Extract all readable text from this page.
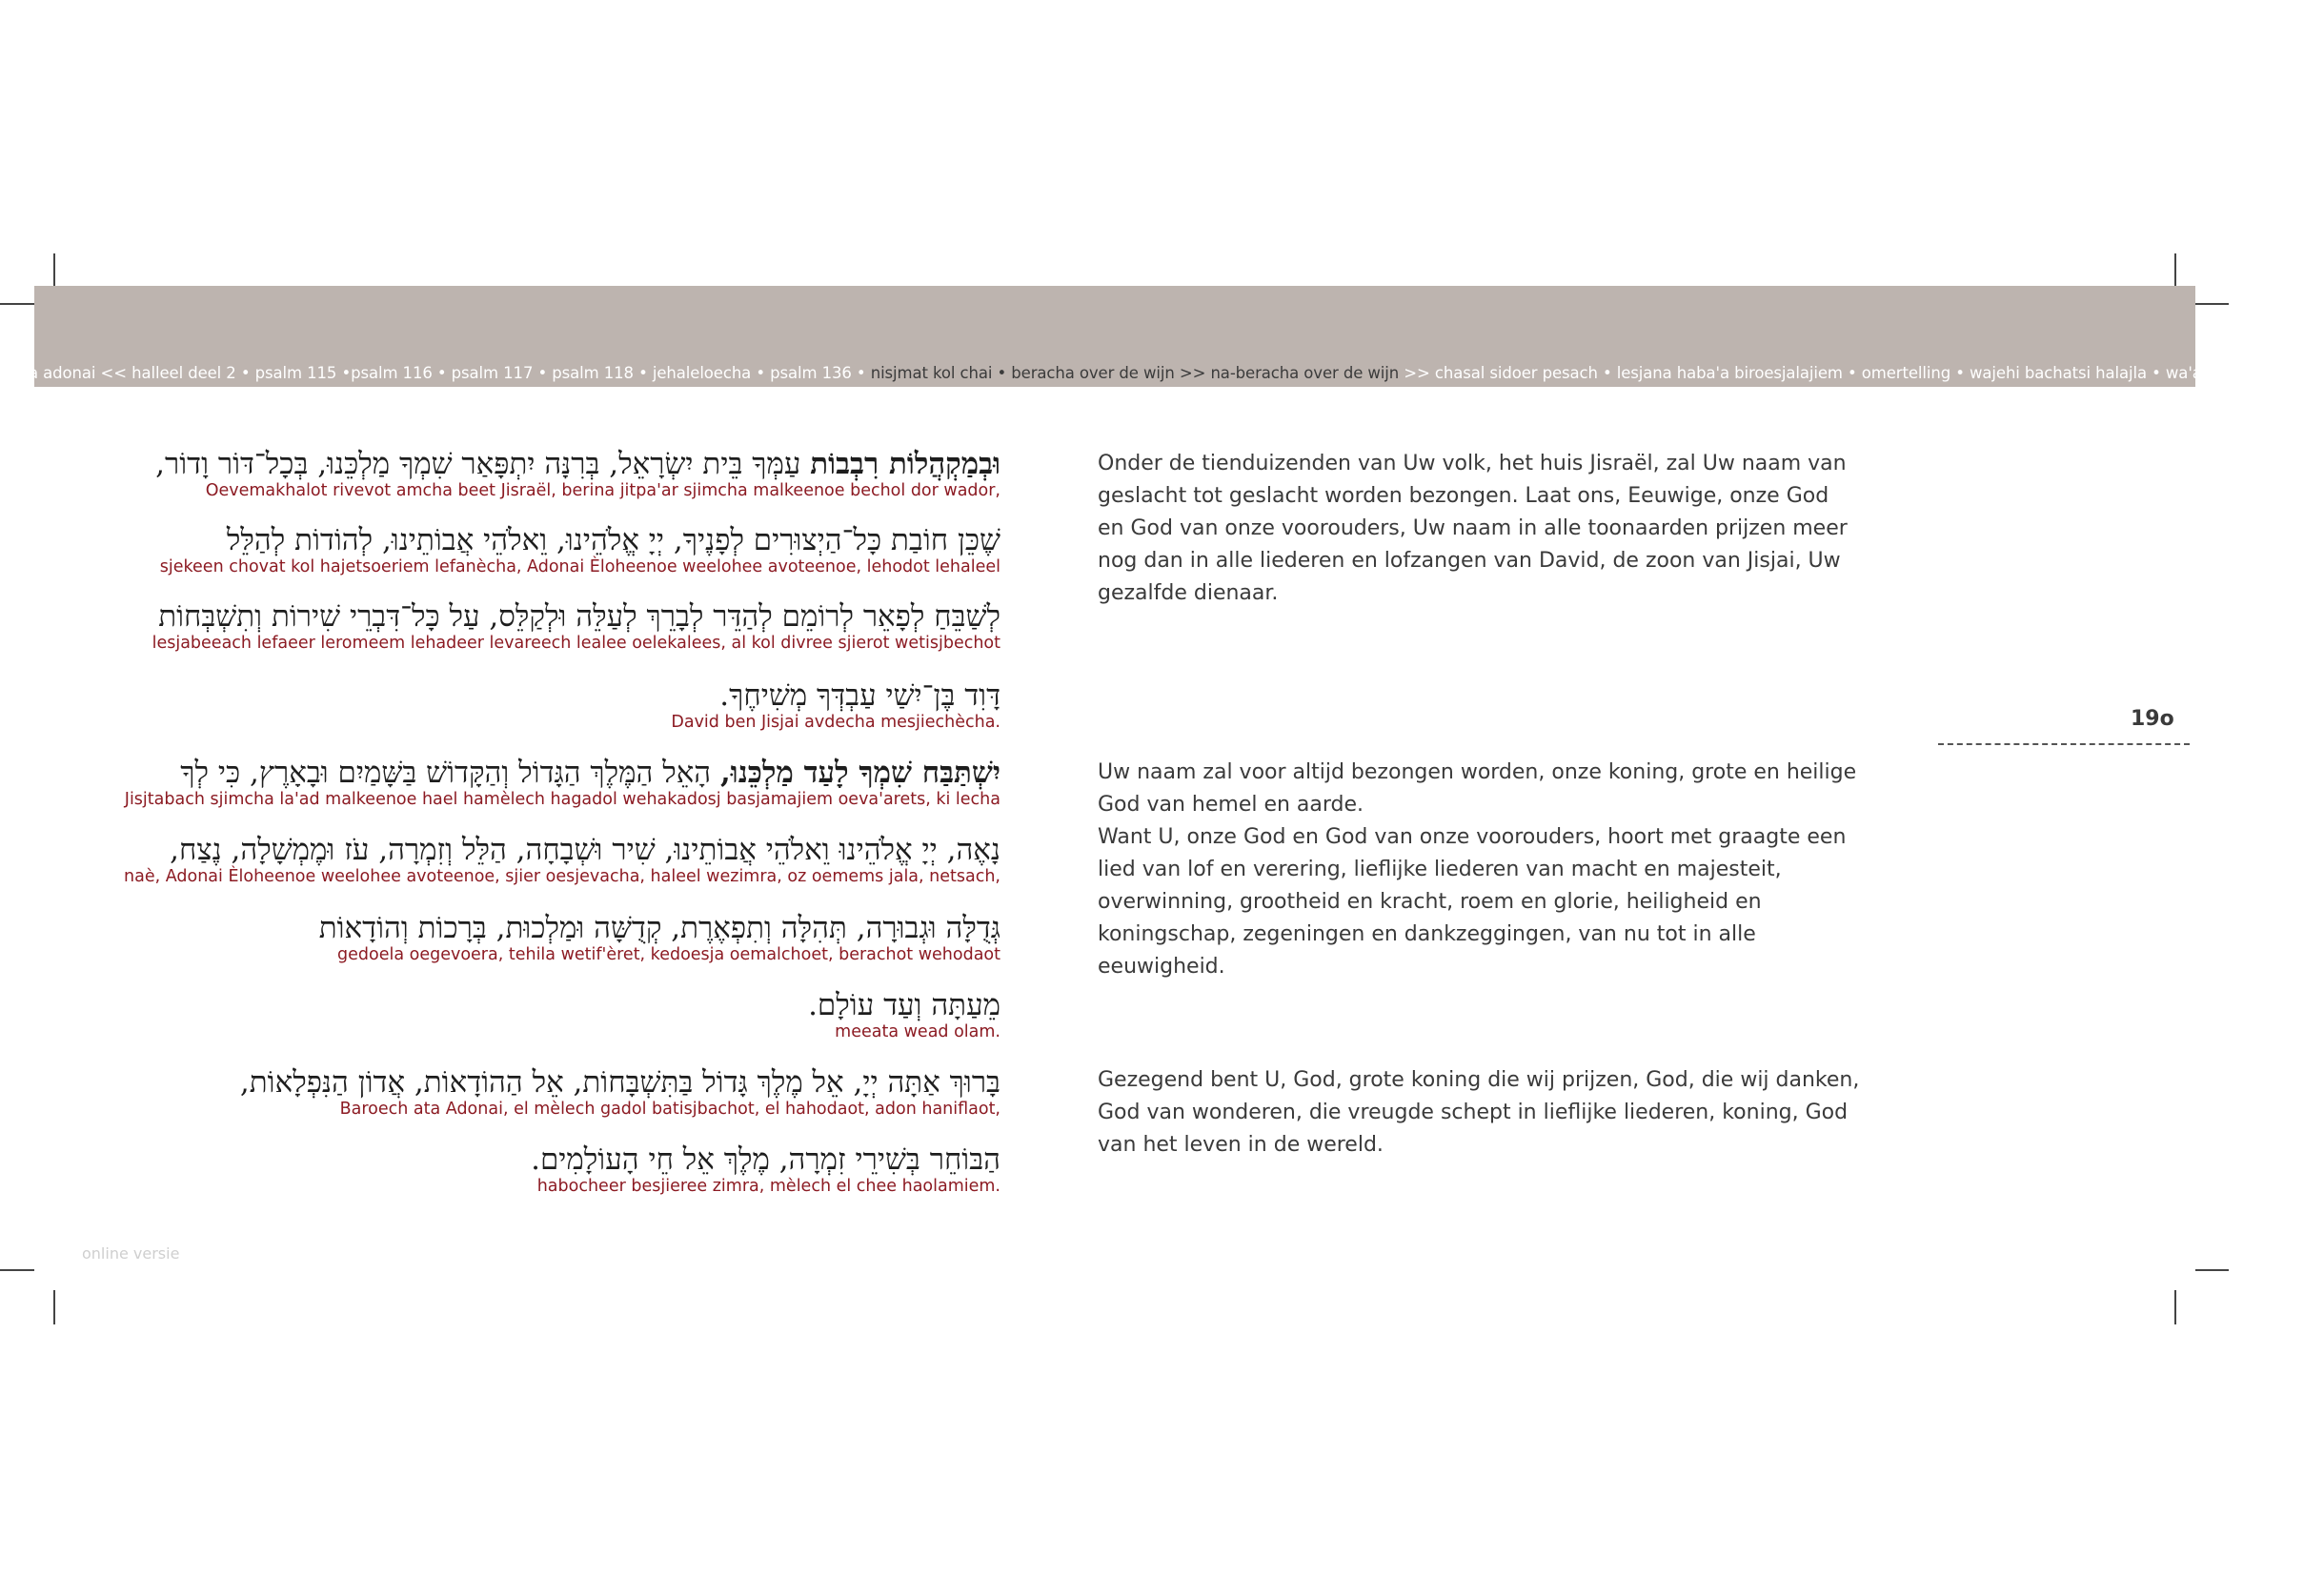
a adonai << halleel deel 2 • psalm 115 •psalm 116 • psalm 117 • psalm 118 • jehaleloecha • psalm 136 • nisjmat kol chai • beracha over de wijn >> na-beracha over de wijn >> chasal sidoer pesach • lesjana haba'a biroesjalajiem • omertelling • wajehi bachatsi halajla • wa'amartem zevach
וּבְמַקְהֲלוֹת רִבְבוֹת עַמְּךָ בֵּית יִשְׂרָאֵל, בְּרִנָּה יִתְפָּאַר שִׁמְךָ מַלְכֵּנוּ, בְּכָל־דּוֹר וָדוֹר,
Oevemakhalot rivevot amcha beet Jisraël, berina jitpa'ar sjimcha malkeenoe bechol dor wador,
שֶׁכֵּן חוֹבַת כָּל־הַיְצוּרִים לְפָנֶיךָ, יְיָ אֱלֹהֵינוּ, וֵאלֹהֵי אֲבוֹתֵינוּ, לְהוֹדוֹת לְהַלֵּל
sjekeen chovat kol hajetsoeriem lefanècha, Adonai Èloheenoe weelohee avoteenoe, lehodot lehaleel
לְשַׁבֵּחַ לְפָאֵר לְרוֹמֵם לְהַדֵּר לְבָרֵךְ לְעַלֵּה וּלְקַלֵּס, עַל כָּל־דִּבְרֵי שִׁירוֹת וְתִשְׁבְּחוֹת
lesjabeeach lefaeer leromeem lehadeer levareech lealee oelekalees, al kol divree sjierot wetisjbechot
דָּוִד בֶּן־יִשַׁי עַבְדְּךָ מְשִׁיחֶךָ.
David ben Jisjai avdecha mesjiechècha.
יִשְׁתַּבַּח שִׁמְךָ לָעַד מַלְכֵּנוּ, הָאֵל הַמֶּלֶךְ הַגָּדוֹל וְהַקָּדוֹשׁ בַּשָּׁמַיִם וּבָאָרֶץ, כִּי לְךָ
Jisjtabach sjimcha la'ad malkeenoe hael hamèlech hagadol wehakadosj basjamajiem oeva'arets, ki lecha
נָאֶה, יְיָ אֱלֹהֵינוּ וֵאלֹהֵי אֲבוֹתֵינוּ, שִׁיר וּשְׁבָחָה, הַלֵּל וְזִמְרָה, עֹז וּמֶמְשָׁלָה, נֶצַח,
naè, Adonai Èloheenoe weelohee avoteenoe, sjier oesjevacha, haleel wezimra, oz oemems jala, netsach,
גְּדֻלָּה וּגְבוּרָה, תְּהִלָּה וְתִפְאֶרֶת, קְדֻשָּׁה וּמַלְכוּת, בְּרָכוֹת וְהוֹדָאוֹת
gedoela oegevoera, tehila wetif'èret, kedoesja oemalchoet, berachot wehodaot
מֵעַתָּה וְעַד עוֹלָם.
meeata wead olam.
בָּרוּךְ אַתָּה יְיָ, אֵל מֶלֶךְ גָּדוֹל בַּתִּשְׁבָּחוֹת, אֵל הַהוֹדָאוֹת, אֲדוֹן הַנִּפְלָאוֹת,
Baroech ata Adonai, el mèlech gadol batisjbachot, el hahodaot, adon haniflaot,
הַבּוֹחֵר בְּשִׁירֵי זִמְרָה, מֶלֶךְ אֵל חֵי הָעוֹלָמִים.
habocheer besjieree zimra, mèlech el chee haolamiem.
Onder de tienduizenden van Uw volk, het huis Jisraël, zal Uw naam van geslacht tot geslacht worden bezongen. Laat ons, Eeuwige, onze God en God van onze voorouders, Uw naam in alle toonaarden prijzen meer nog dan in alle liederen en lofzangen van David, de zoon van Jisjai, Uw gezalfde dienaar.
Uw naam zal voor altijd bezongen worden, onze koning, grote en heilige God van hemel en aarde.
Want U, onze God en God van onze voorouders, hoort met graagte een lied van lof en verering, lieflijke liederen van macht en majesteit, overwinning, grootheid en kracht, roem en glorie, heiligheid en koningschap, zegeningen en dankzeggingen, van nu tot in alle eeuwigheid.
Gezegend bent U, God, grote koning die wij prijzen, God, die wij danken, God van wonderen, die vreugde schept in lieflijke liederen, koning, God van het leven in de wereld.
19o
online versie
